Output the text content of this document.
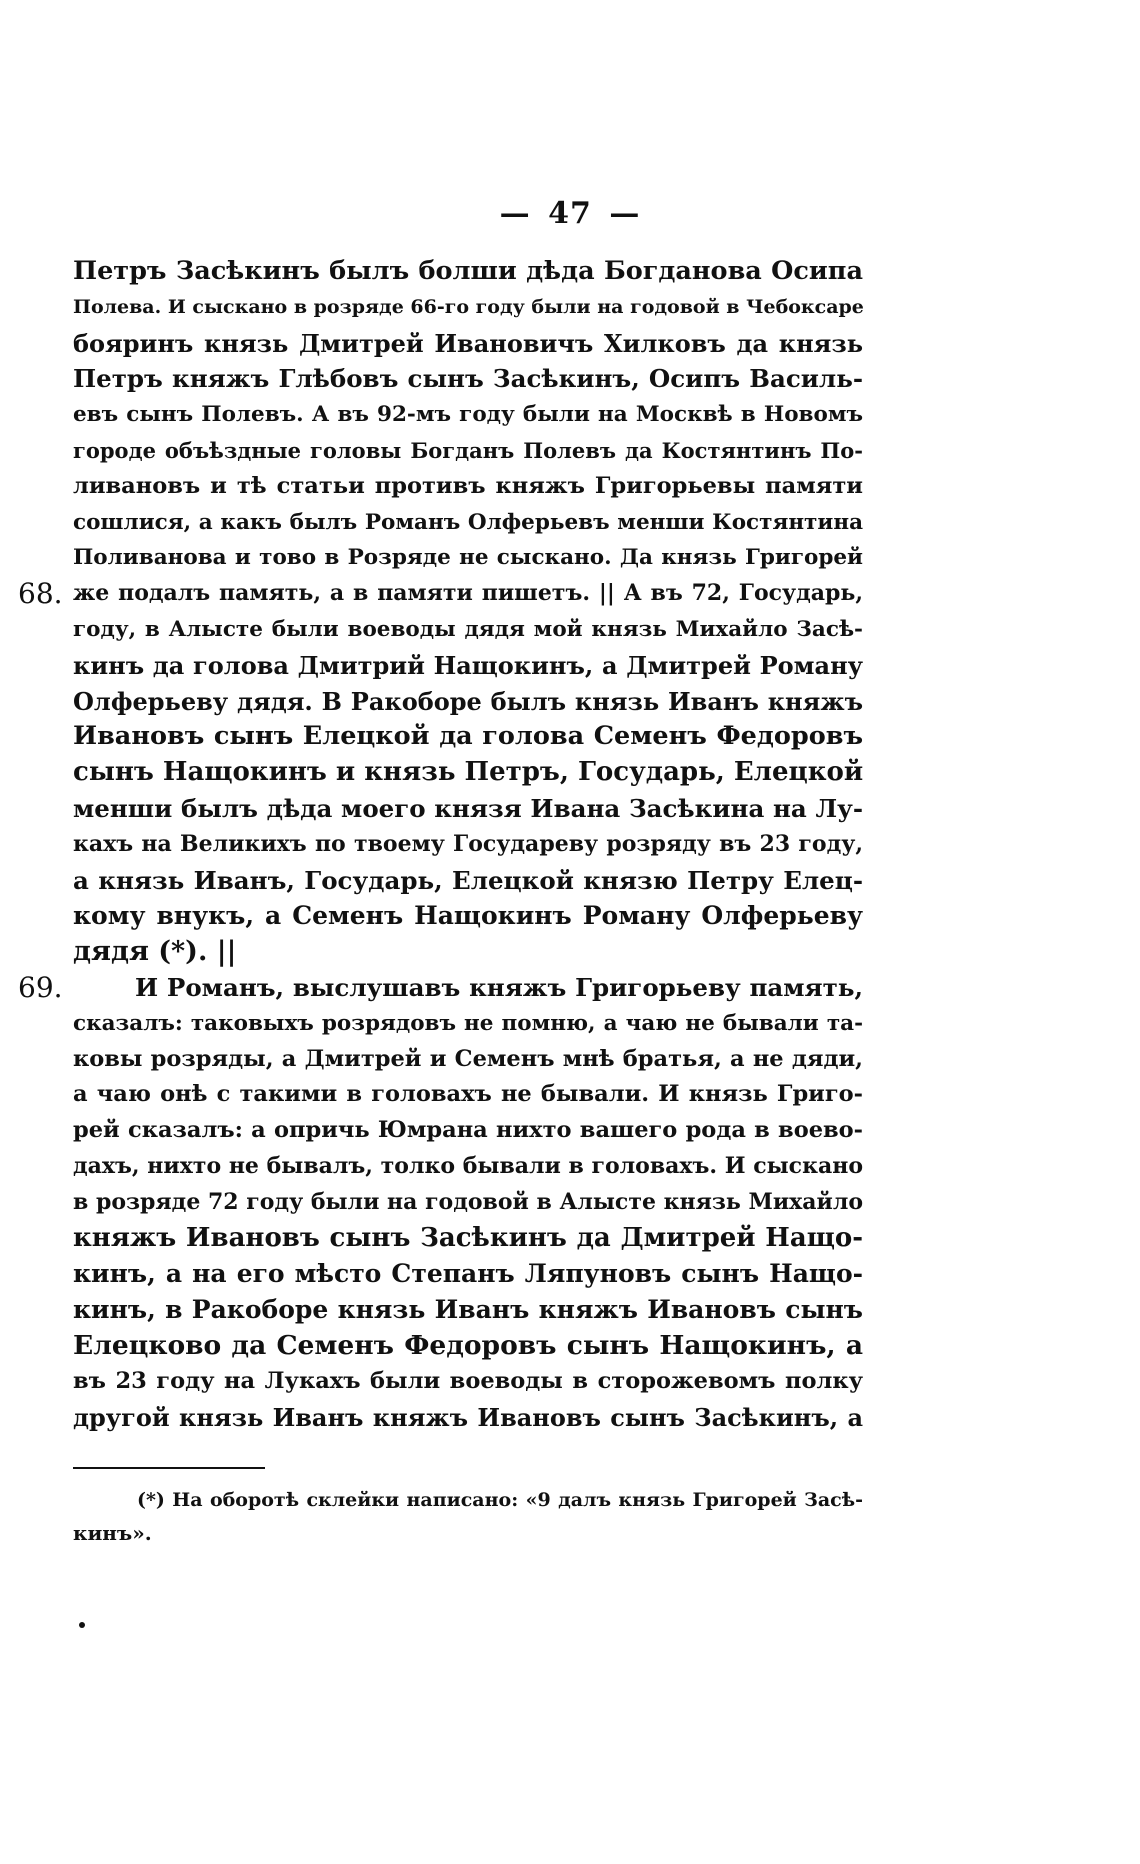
— 47 —
Петръ Засѣкинъ былъ болши дѣда Богданова Осипа
Полева. И сыскано в розряде 66-го году были на годовой в Чебоксаре
бояринъ князь Дмитрей Ивановичъ Хилковъ да князь
Петръ княжъ Глѣбовъ сынъ Засѣкинъ, Осипъ Василь-
евъ сынъ Полевъ. А въ 92-мъ году были на Москвѣ в Новомъ
городе объѣздные головы Богданъ Полевъ да Костянтинъ По-
ливановъ и тѣ статьи противъ княжъ Григорьевы памяти
сошлися, а какъ былъ Романъ Олферьевъ менши Костянтина
Поливанова и тово в Розряде не сыскано. Да князь Григорей
68. же подалъ память, а в памяти пишетъ. || А въ 72, Государь,
году, в Алысте были воеводы дядя мой князь Михайло Засѣ-
кинъ да голова Дмитрий Нащокинъ, а Дмитрей Роману
Олферьеву дядя. В Ракоборе былъ князь Иванъ княжъ
Ивановъ сынъ Елецкой да голова Семенъ Федоровъ
сынъ Нащокинъ и князь Петръ, Государь, Елецкой
менши былъ дѣда моего князя Ивана Засѣкина на Лу-
кахъ на Великихъ по твоему Государеву розряду въ 23 году,
а князь Иванъ, Государь, Елецкой князю Петру Елец-
кому внукъ, а Семенъ Нащокинъ Роману Олферьеву
дядя (*). ||
69.	И Романъ, выслушавъ княжъ Григорьеву память,
сказалъ: таковыхъ розрядовъ не помню, а чаю не бывали та-
ковы розряды, а Дмитрей и Семенъ мнѣ братья, а не дяди,
а чаю онѣ с такими в головахъ не бывали. И князь Григо-
рей сказалъ: а опричь Юмрана нихто вашего рода в воево-
дахъ, нихто не бывалъ, толко бывали в головахъ. И сыскано
в розряде 72 году были на годовой в Алысте князь Михайло
княжъ Ивановъ сынъ Засѣкинъ да Дмитрей Нащо-
кинъ, а на его мѣсто Степанъ Ляпуновъ сынъ Нащо-
кинъ, в Ракоборе князь Иванъ княжъ Ивановъ сынъ
Елецково да Семенъ Федоровъ сынъ Нащокинъ, а
въ 23 году на Лукахъ были воеводы в сторожевомъ полку
другой князь Иванъ княжъ Ивановъ сынъ Засѣкинъ, а
(*) На оборотѣ склейки написано: «9 далъ князь Григорей Засѣ-
кинъ».
